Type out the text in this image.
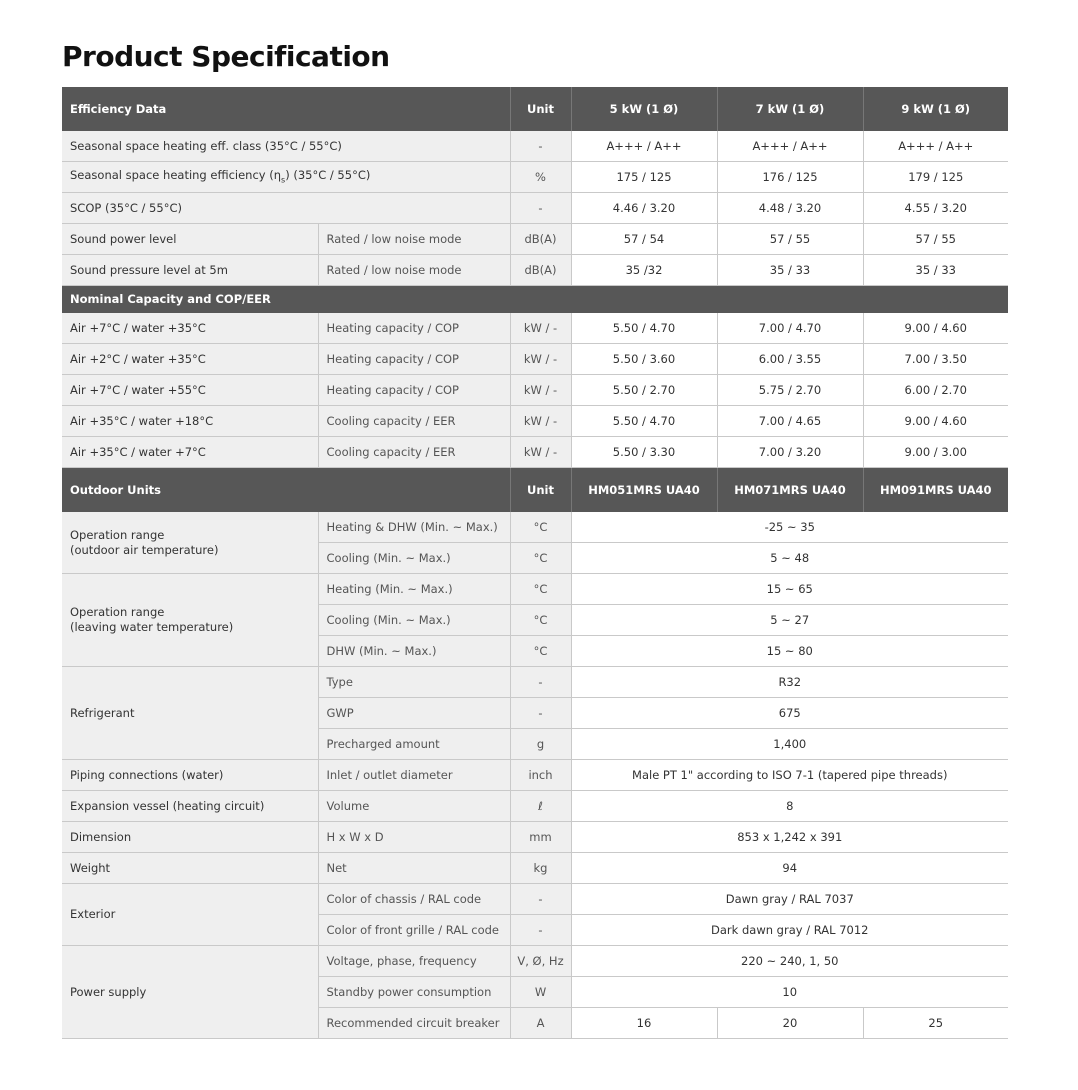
Product Specification
Efficiency Data		Unit	5 kW (1 Ø)	7 kW (1 Ø)	9 kW (1 Ø)
Seasonal space heating eff. class (35°C / 55°C)		-	A+++ / A++	A+++ / A++	A+++ / A++
Seasonal space heating efficiency $(\eta_s)$ (35°C / 55°C)		%	175 / 125	176 / 125	179 / 125
SCOP (35°C / 55°C)		-	4.46 / 3.20	4.48 / 3.20	4.55 / 3.20
Sound power level	Rated / low noise mode	dB(A)	57 / 54	57 / 55	57 / 55
Sound pressure level at 5m	Rated / low noise mode	dB(A)	35 /32	35 / 33	35 / 33
Nominal Capacity and COP/EER					
Air +7°C / water +35°C	Heating capacity / COP	kW / -	5.50 / 4.70	7.00 / 4.70	9.00 / 4.60
Air +2°C / water +35°C	Heating capacity / COP	kW / -	5.50 / 3.60	6.00 / 3.55	7.00 / 3.50
Air +7°C / water +55°C	Heating capacity / COP	kW / -	5.50 / 2.70	5.75 / 2.70	6.00 / 2.70
Air +35°C / water +18°C	Cooling capacity / EER	kW / -	5.50 / 4.70	7.00 / 4.65	9.00 / 4.60
Air +35°C / water +7°C	Cooling capacity / EER	kW / -	5.50 / 3.30	7.00 / 3.20	9.00 / 3.00
Outdoor Units		Unit	HM051MRS UA40	HM071MRS UA40	HM091MRS UA40
Operation range
(outdoor air temperature)	Heating & DHW (Min. ~ Max.)	°C	-25 ~ 35		
	Cooling (Min. ~ Max.)	°C	5 ~ 48		
Operation range
(leaving water temperature)	Heating (Min. ~ Max.)	°C	15 ~ 65		
	Cooling (Min. ~ Max.)	°C	5 ~ 27		
	DHW (Min. ~ Max.)	°C	15 ~ 80		
Refrigerant	Type	-	R32		
	GWP	-	675		
	Precharged amount	g	1,400		
Piping connections (water)	Inlet / outlet diameter	inch	Male PT 1" according to ISO 7-1 (tapered pipe threads)		
Expansion vessel (heating circuit)	Volume	ℓ	8		
Dimension	H x W x D	mm	853 x 1,242 x 391		
Weight	Net	kg	94		
Exterior	Color of chassis / RAL code	-	Dawn gray / RAL 7037		
	Color of front grille / RAL code	-	Dark dawn gray / RAL 7012		
Power supply	Voltage, phase, frequency	V, Ø, Hz	220 ~ 240, 1, 50		
	Standby power consumption	W	10		
	Recommended circuit breaker	A	16	20	25
